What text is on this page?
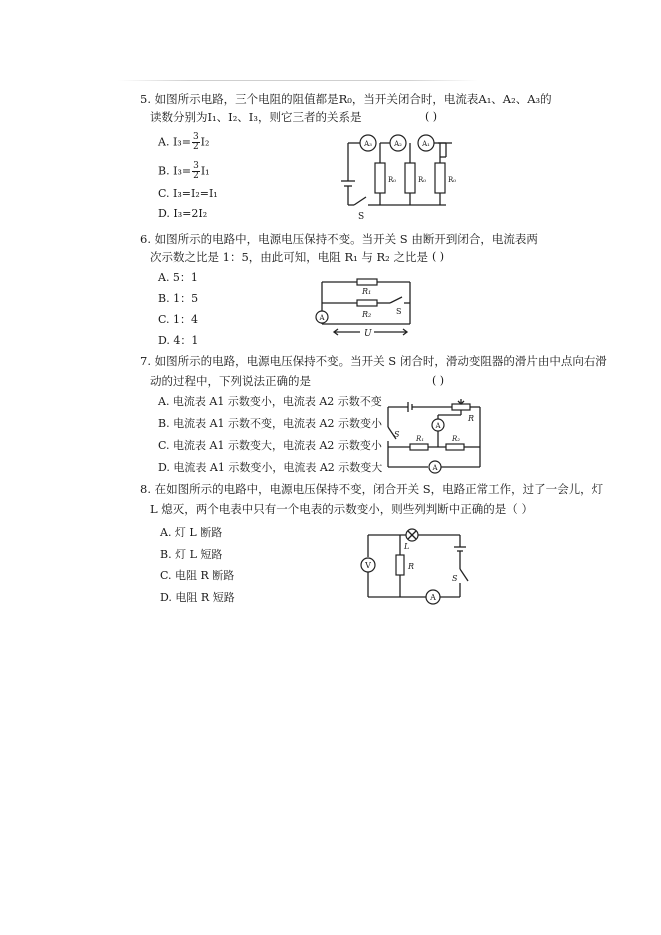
5. 如图所示电路，三个电阻的阻值都是R₀，当开关闭合时，电流表A₁、A₂、A₃的
读数分别为I₁、I₂、I₃，则它三者的关系是	( )
A. $I_3= \frac{3}{2} I_2$
B. $I_3= \frac{3}{2} I_1$
C. I₃=I₂=I₁
D. I₃=2I₂
A₃	A₂	A₁
R₀	R₀	R₀
S
6. 如图所示的电路中，电源电压保持不变。当开关 S 由断开到闭合，电流表两
次示数之比是 1：5，由此可知，电阻 R₁ 与 R₂ 之比是 ( )
A. 5：1
B. 1：5
C. 1：4
D. 4：1
R₁
R₂	S
A
U
7. 如图所示的电路，电源电压保持不变。当开关 S 闭合时，滑动变阻器的滑片由中点向右滑
动的过程中，下列说法正确的是	( )
A. 电流表 A1 示数变小，电流表 A2 示数不变
B. 电流表 A1 示数不变，电流表 A2 示数变小
C. 电流表 A1 示数变大，电流表 A2 示数变小
D. 电流表 A1 示数变小，电流表 A2 示数变大
R
S
A
R₁	R₂
A
8. 在如图所示的电路中，电源电压保持不变，闭合开关 S，电路正常工作，过了一会儿，灯
L 熄灭，两个电表中只有一个电表的示数变小，则些列判断中正确的是（ ）
A. 灯 L 断路
B. 灯 L 短路
C. 电阻 R 断路
D. 电阻 R 短路
L
S
V	R
A
